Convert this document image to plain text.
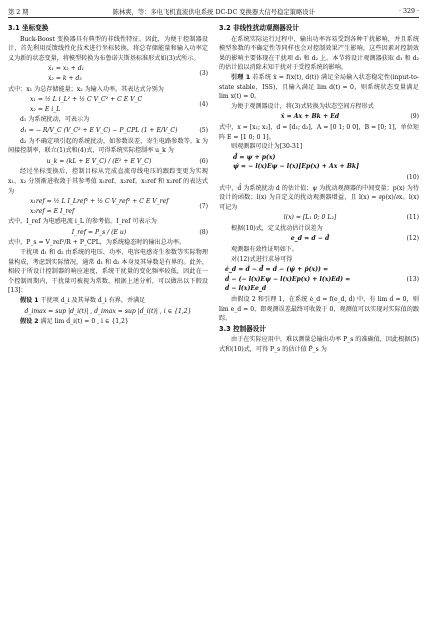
第 2 期	陈林爽，等：多电飞机直流供电系统 DC-DC 变换器大信号稳定策略设计	· 329 ·
3.1 坐标变换

Buck-Boost 变换器具有典型的非线性特征。因此，为便于控制器设计，首先利用反馈线性化技术进行坐标转换，将总存储能量和输入功率定义为新的状态变量，将模型转换为布鲁诺夫斯基标准形式如(3)式所示。

ẋ₁ = x₂ + d₁
ẋ₂ = k + d₂
(3)

式中：x₁ 为总存储能量；x₂ 为输入功率。其表达式分别为

x₁ = ½ L i_L² + ½ C V_C² + C E V_C
x₂ = E i_L
(4)

d₁ 为系统扰动，可表示为

d₁ = − R/V_C (V_C² + E V_C) − P_CPL (1 + E/V_C)	(5)

d₂ 为不确定项引起的系统扰动，如参数误差、寄生电路参数等。k 为间接控制率，联立(1)式和(4)式，可得系统实际控制率 u_k 为

u_k = (kL + E V_C) / (E² + E V_C)	(6)

经过坐标变换后，控制目标从完成直流母线电压的跟踪变更为实现 x₁、x₂ 分别渐进收敛于其参考值 x₁ref、x₂ref。x₁ref 和 x₂ref 的表达式为

x₁ref = ½ L I_Lref² + ½ C V_ref² + C E V_ref
x₂ref = E I_ref
(7)

式中，I_ref 为电感电流 i_L 的参考值。I_ref 可表示为

I_ref = P_s / (E u)	(8)

式中，P_s = V_ref²/R + P_CPL，为系统稳态时的输出总功率。

干扰项 d₁ 和 d₂ 由系统的电压、功率、电容电感寄生参数等实际物理量构成，考虑到实际情况，通常 d₁ 和 d₂ 本身及其导数是有界的。此外，相较于所设计控制器的响应速度，系统干扰量的变化频率较低，因此在一个控制周期内，干扰量可被视为常数。根据上述分析，可以做出以下假设[13]：

假设 1 干扰项 d_i 及其导数 ḋ_i 有界，并满足

d_imax = sup |d_i(t)| , ḋ_imax = sup |ḋ_i(t)| , i ∈ {1,2}

假设 2 满足 lim ḋ_i(t) = 0 , i ∈ {1,2}

3.2 非线性扰动观测器设计

在系统实际运行过程中，输出功率容易受到各种干扰影响，并且系统模型参数的不确定性等同样也会对控制效果产生影响，这些因素对控制效果的影响主要体现在干扰项 d₁ 和 d₂ 上。本节将设计观测器获取 d₁ 和 d₂ 的估计值以消除未知干扰对于受控系统的影响。

引理 1 若系统 ẋ = f(x(t), d(t)) 满足全局输入状态稳定性(input-to-state stable，ISS)，且输入满足 lim d(t) = 0，则系统状态变量满足 lim x(t) = 0。

为便于观测器设计，将(3)式转换为状态空间方程形式

ẋ = Ax + Bk + Ed	(9)

式中，x = [x₁; x₂]，d = [d₁; d₂]，A = [0 1; 0 0]，B = [0; 1]，单位矩阵 E = [1 0; 0 1]。

则观测器可设计为[30-31]

d̂ = ψ + p(x)
ψ̇ = − l(x)Eψ − l(x)[Ep(x) + Ax + Bk]
(10)

式中，d̂ 为系统扰动 d 的估计值；ψ 为扰动观测器的中间变量；p(x) 为待设计的函数；l(x) 为自定义的扰动观测器增益，且 l(x) = ∂p(x)/∂x。l(x) 可记为

l(x) = [L₁ 0; 0 L₂]	(11)

根据(10)式，定义扰动估计误差为

e_d = d − d̂	(12)

观测器有效性证明如下。

对(12)式进行求导可得

ė_d = ḋ − d̂̇ = ḋ − (ψ̇ + ṗ(x)) =
ḋ − (− l(x)Eψ − l(x)Ep(x) + l(x)Ed) =
ḋ − l(x)Ee_d
(13)

由假设 2 和引理 1，在系统 ė_d = f(e_d, ḋ) 中，有 lim ḋ = 0，则 lim e_d = 0，即观测误差最终可收敛于 0，观测值可以实现对实际值的跟踪。

3.3 控制器设计

由于在实际应用中，难以测量总输出功率 P_s 的准确值，因此根据(5)式和(10)式，可得 P_s 的估计值 P̂_s 为
